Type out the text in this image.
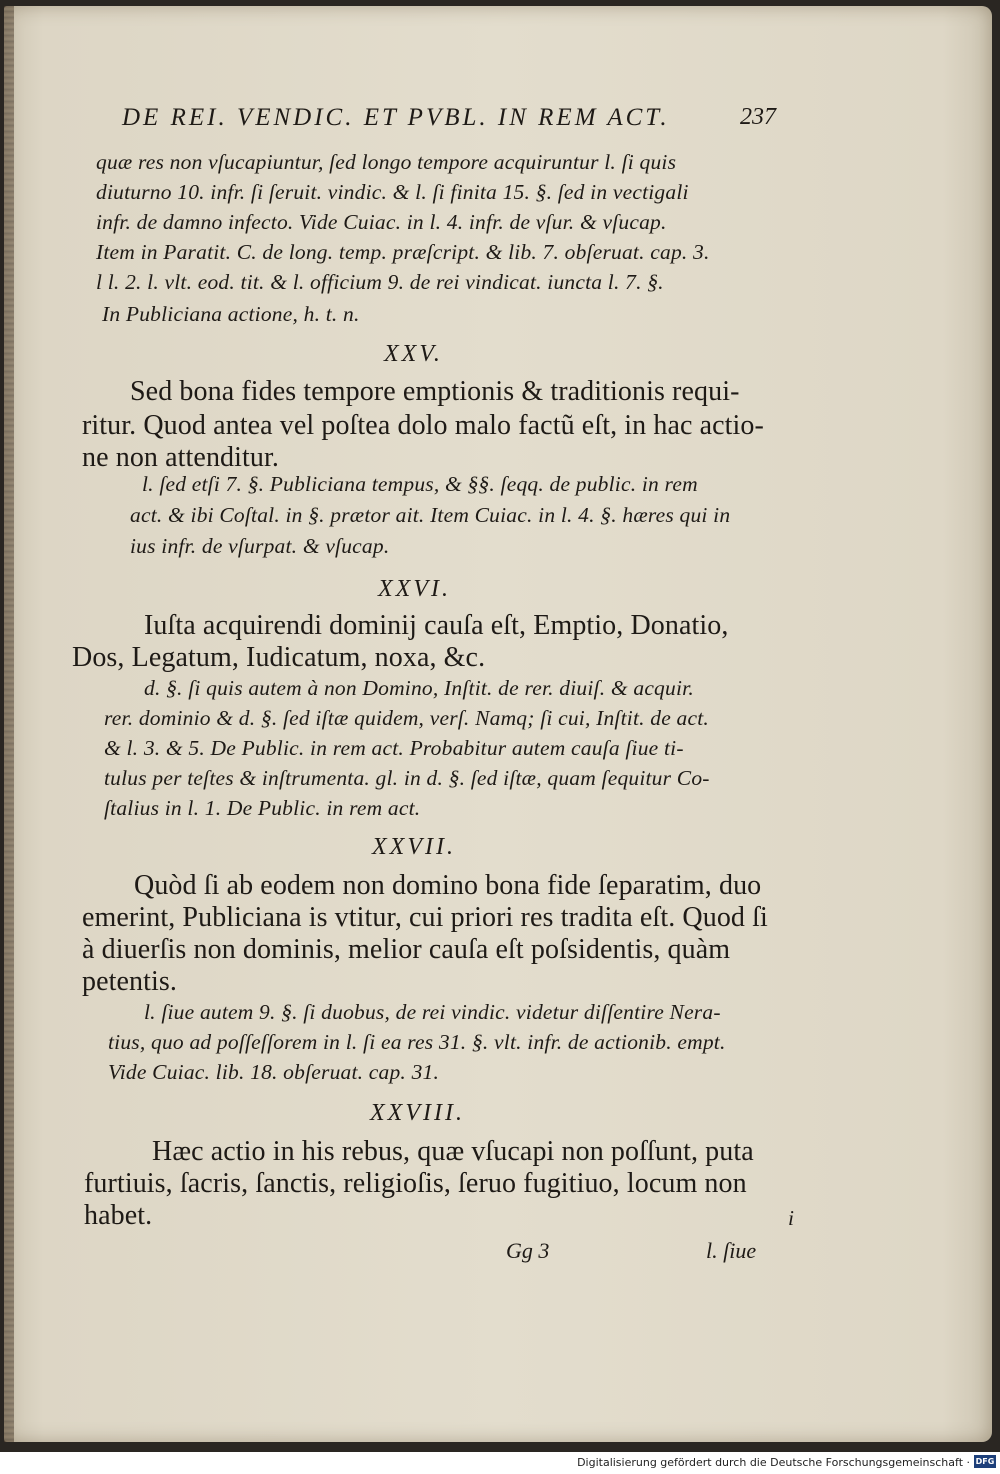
DE REI. VENDIC. ET PVBL. IN REM ACT.	237
quæ res non vſucapiuntur, ſed longo tempore acquiruntur l. ſi quis
diuturno 10. infr. ſi ſeruit. vindic. & l. ſi finita 15. §. ſed in vectigali
infr. de damno infecto. Vide Cuiac. in l. 4. infr. de vſur. & vſucap.
Item in Paratit. C. de long. temp. præſcript. & lib. 7. obſeruat. cap. 3.
l l. 2. l. vlt. eod. tit. & l. officium 9. de rei vindicat. iuncta l. 7. §.
In Publiciana actione, h. t. n.
XXV.
Sed bona fides tempore emptionis & traditionis requi-
ritur. Quod antea vel poſtea dolo malo factũ eſt, in hac actio-
ne non attenditur.
l. ſed etſi 7. §. Publiciana tempus, & §§. ſeqq. de public. in rem
act. & ibi Coſtal. in §. prætor ait. Item Cuiac. in l. 4. §. hæres qui in
ius infr. de vſurpat. & vſucap.
XXVI.
Iuſta acquirendi dominij cauſa eſt, Emptio, Donatio,
Dos, Legatum, Iudicatum, noxa, &c.
d. §. ſi quis autem à non Domino, Inſtit. de rer. diuiſ. & acquir.
rer. dominio & d. §. ſed iſtæ quidem, verſ. Namq; ſi cui, Inſtit. de act.
& l. 3. & 5. De Public. in rem act. Probabitur autem cauſa ſiue ti-
tulus per teſtes & inſtrumenta. gl. in d. §. ſed iſtæ, quam ſequitur Co-
ſtalius in l. 1. De Public. in rem act.
XXVII.
Quòd ſi ab eodem non domino bona fide ſeparatim, duo
emerint, Publiciana is vtitur, cui priori res tradita eſt. Quod ſi
à diuerſis non dominis, melior cauſa eſt poſsidentis, quàm
petentis.
l. ſiue autem 9. §. ſi duobus, de rei vindic. videtur diſſentire Nera-
tius, quo ad poſſeſſorem in l. ſi ea res 31. §. vlt. infr. de actionib. empt.
Vide Cuiac. lib. 18. obſeruat. cap. 31.
XXVIII.
Hæc actio in his rebus, quæ vſucapi non poſſunt, puta
furtiuis, ſacris, ſanctis, religioſis, ſeruo fugitiuo, locum non
habet.	i
Gg 3	l. ſiue
Digitalisierung gefördert durch die Deutsche Forschungsgemeinschaft · DFG
